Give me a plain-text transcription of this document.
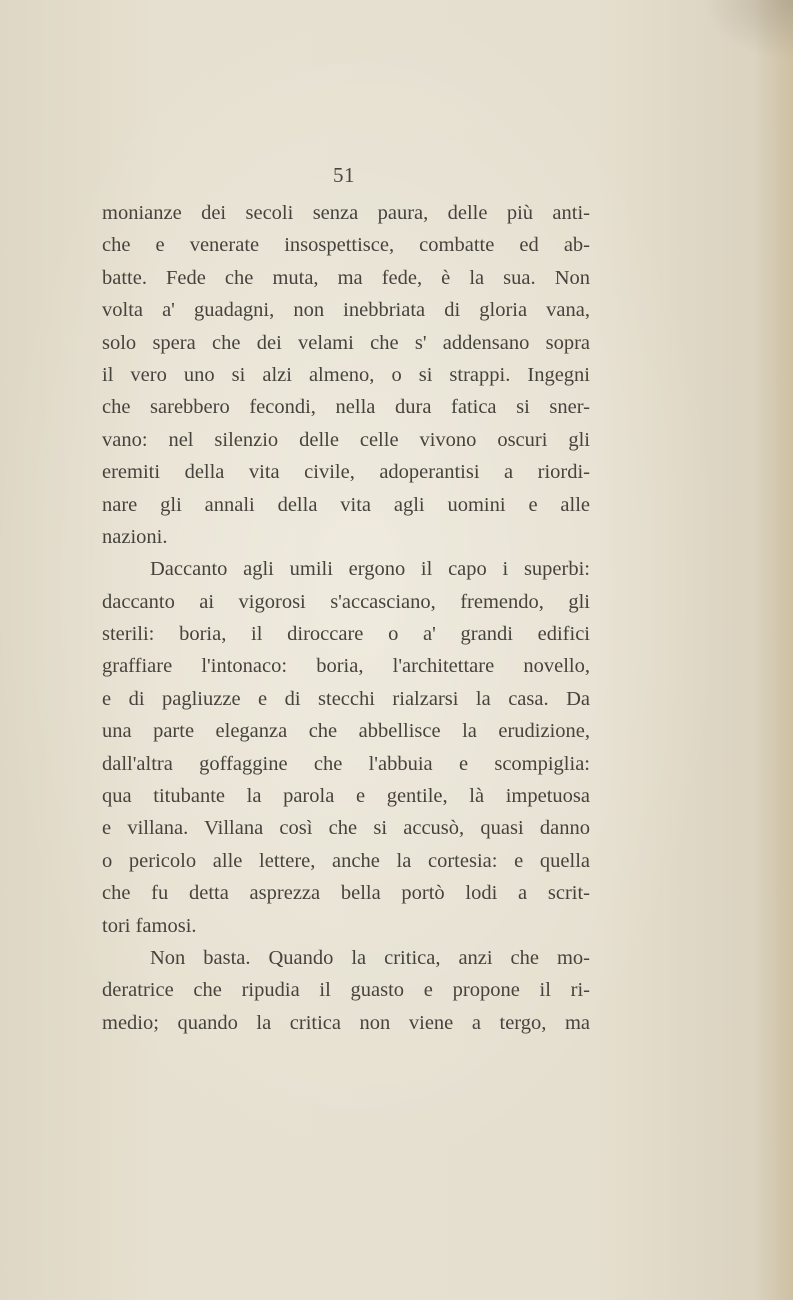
51
monianze dei secoli senza paura, delle più anti-
che e venerate insospettisce, combatte ed ab-
batte. Fede che muta, ma fede, è la sua. Non
volta a' guadagni, non inebbriata di gloria vana,
solo spera che dei velami che s' addensano sopra
il vero uno si alzi almeno, o si strappi. Ingegni
che sarebbero fecondi, nella dura fatica si sner-
vano: nel silenzio delle celle vivono oscuri gli
eremiti della vita civile, adoperantisi a riordi-
nare gli annali della vita agli uomini e alle
nazioni.
Daccanto agli umili ergono il capo i superbi:
daccanto ai vigorosi s'accasciano, fremendo, gli
sterili: boria, il diroccare o a' grandi edifici
graffiare l'intonaco: boria, l'architettare novello,
e di pagliuzze e di stecchi rialzarsi la casa. Da
una parte eleganza che abbellisce la erudizione,
dall'altra goffaggine che l'abbuia e scompiglia:
qua titubante la parola e gentile, là impetuosa
e villana. Villana così che si accusò, quasi danno
o pericolo alle lettere, anche la cortesia: e quella
che fu detta asprezza bella portò lodi a scrit-
tori famosi.
Non basta. Quando la critica, anzi che mo-
deratrice che ripudia il guasto e propone il ri-
medio; quando la critica non viene a tergo, ma
